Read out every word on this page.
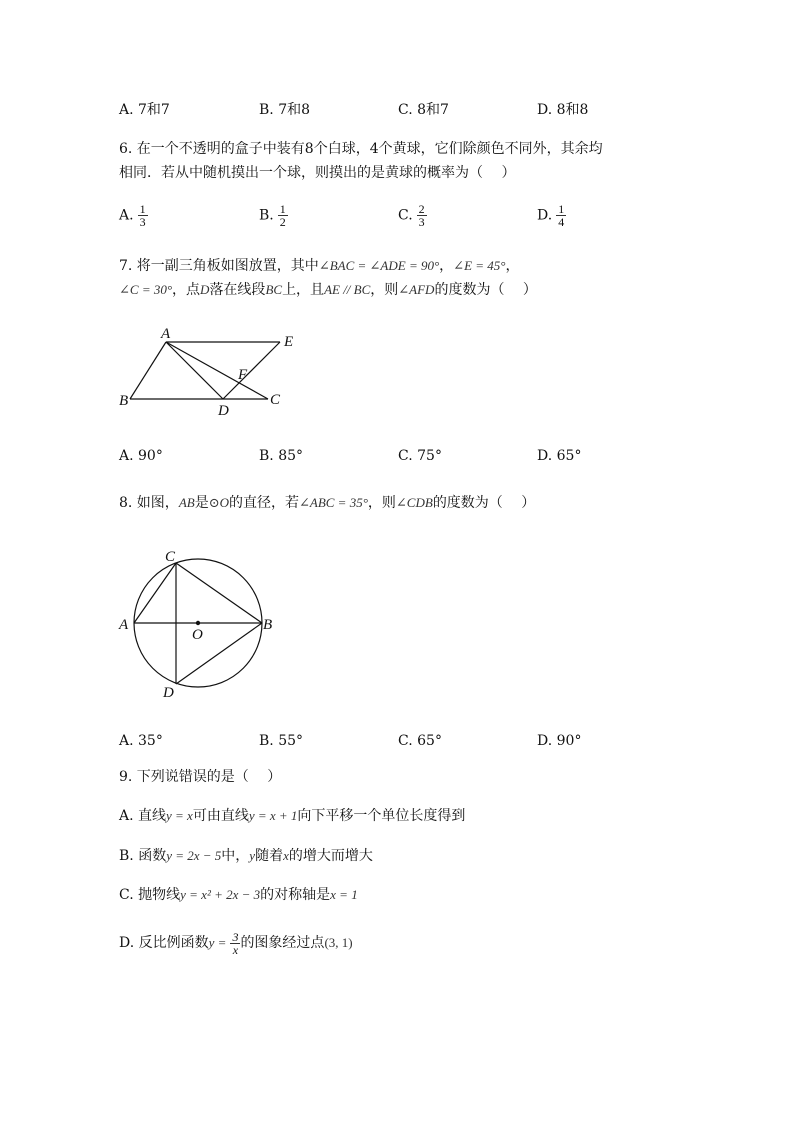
A. 7和7	B. 7和8	C. 8和7	D. 8和8
6. 在一个不透明的盒子中装有8个白球，4个黄球，它们除颜色不同外，其余均
相同．若从中随机摸出一个球，则摸出的是黄球的概率为（　 ）
A. $\frac{1}{3}$	B. $\frac{1}{2}$	C. $\frac{2}{3}$	D. $\frac{1}{4}$
7. 将一副三角板如图放置，其中∠BAC = ∠ADE = 90°，∠E = 45°，
∠C = 30°，点D落在线段BC上，且AE // BC，则∠AFD的度数为（　 ）
A
B	C
D
E
F
A. 90°	B. 85°	C. 75°	D. 65°
8. 如图，AB是⊙O的直径，若∠ABC = 35°，则∠CDB的度数为（　 ）
C
A	B
O
D
A. 35°	B. 55°	C. 65°	D. 90°
9. 下列说错误的是（　 ）
A. 直线y = x可由直线y = x + 1向下平移一个单位长度得到
B. 函数y = 2x − 5中，y随着x的增大而增大
C. 抛物线y = x² + 2x − 3的对称轴是x = 1
D. 反比例函数$y = \frac{3}{x}$ 的图象经过点(3, 1)
